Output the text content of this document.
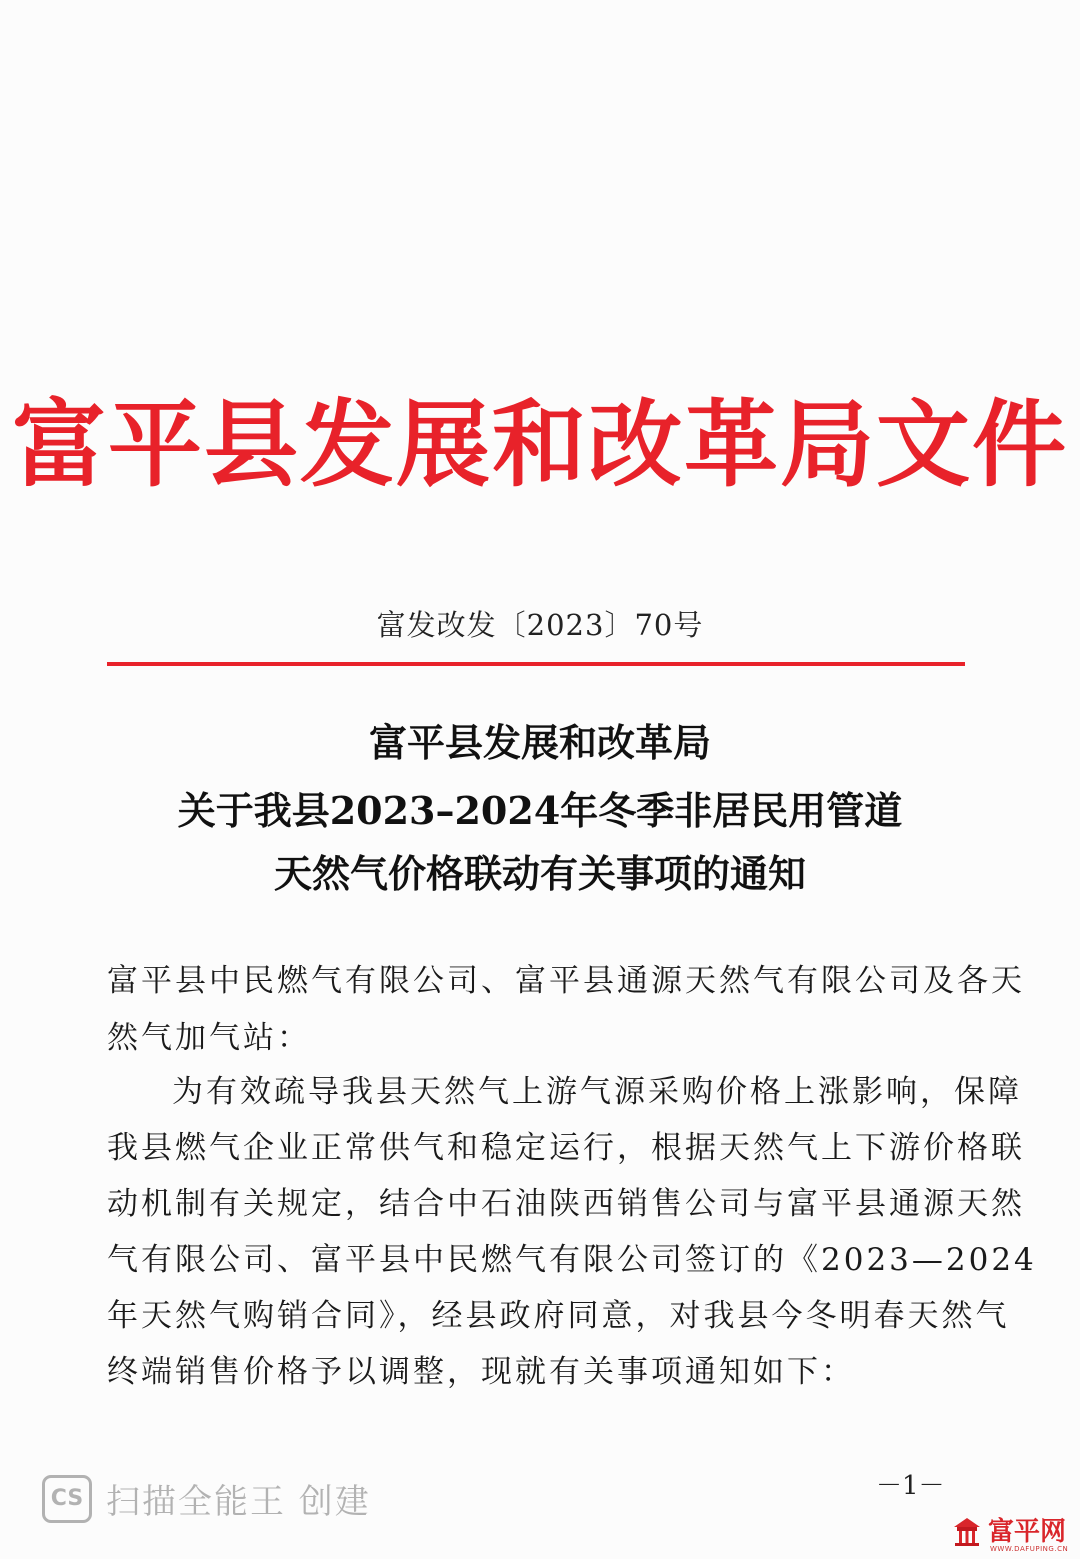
富平县发展和改革局文件
富发改发〔2023〕70号
富平县发展和改革局
关于我县2023–2024年冬季非居民用管道
天然气价格联动有关事项的通知
富平县中民燃气有限公司、富平县通源天然气有限公司及各天
然气加气站：
为有效疏导我县天然气上游气源采购价格上涨影响，保障
我县燃气企业正常供气和稳定运行，根据天然气上下游价格联
动机制有关规定，结合中石油陕西销售公司与富平县通源天然
气有限公司、富平县中民燃气有限公司签订的《2023—2024
年天然气购销合同》，经县政府同意，对我县今冬明春天然气
终端销售价格予以调整，现就有关事项通知如下：
－1－
CS 扫描全能王 创建
富平网
WWW.DAFUPING.CN
